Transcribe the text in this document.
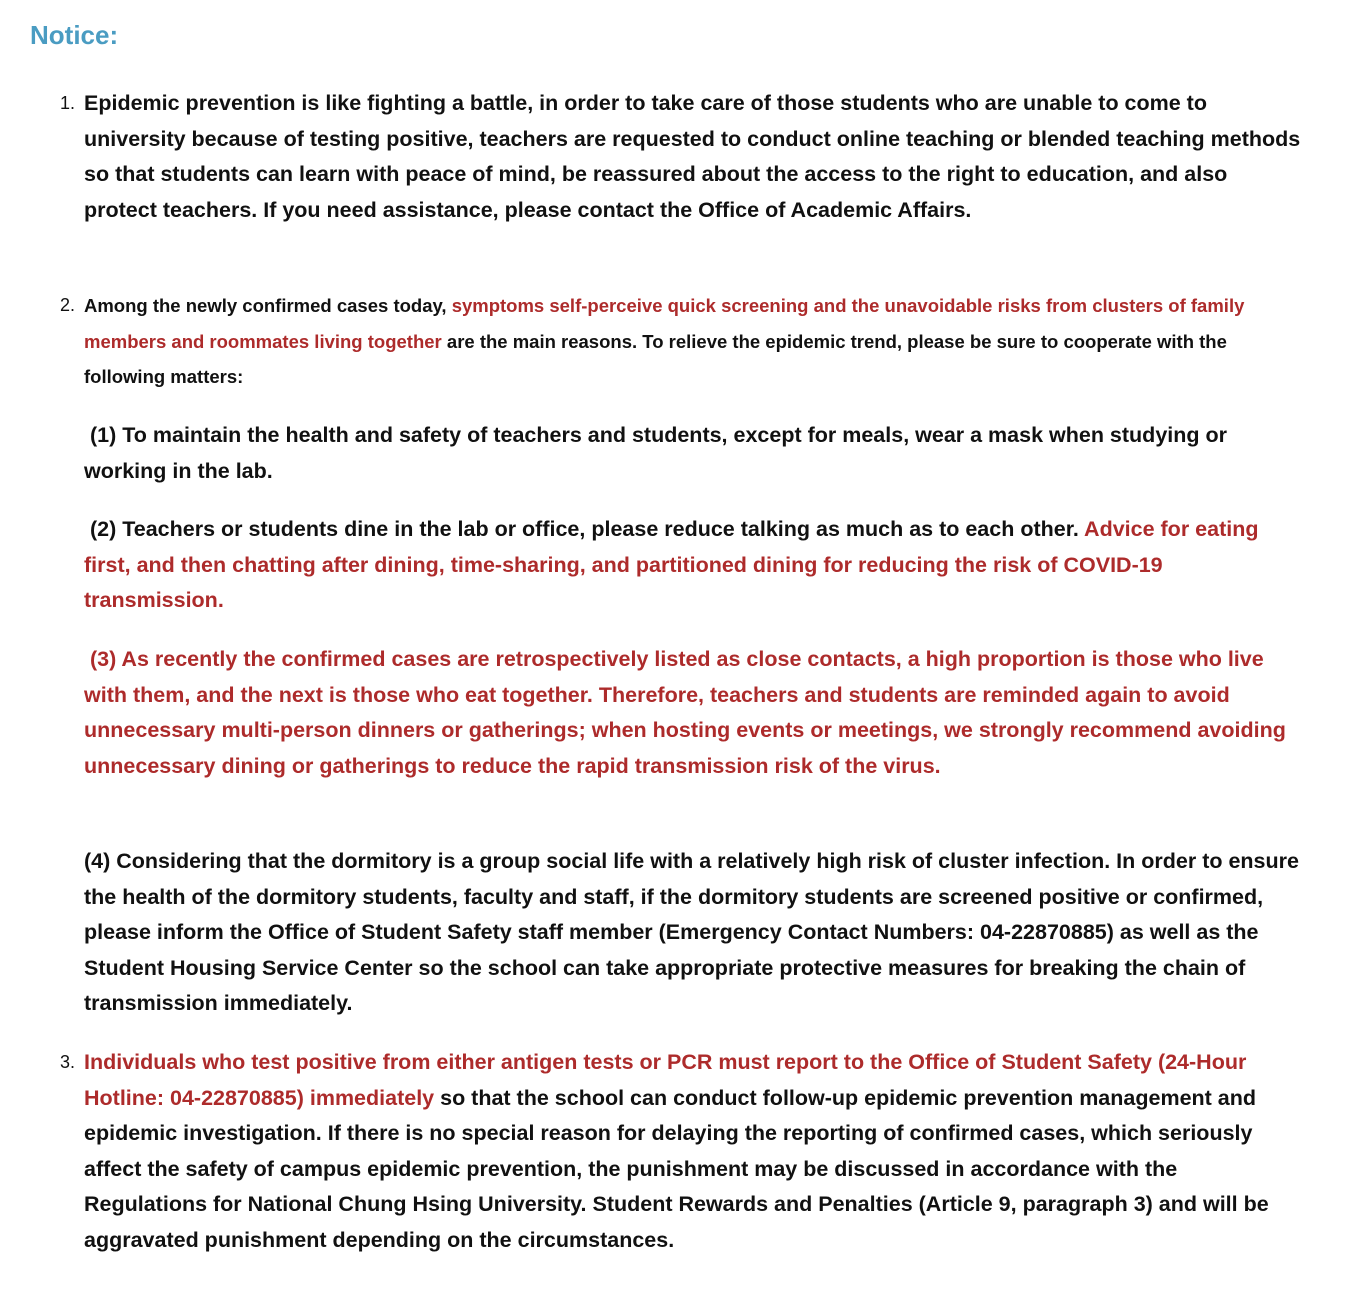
Notice:

1. Epidemic prevention is like fighting a battle, in order to take care of those students who are unable to come to university because of testing positive, teachers are requested to conduct online teaching or blended teaching methods so that students can learn with peace of mind, be reassured about the access to the right to education, and also protect teachers. If you need assistance, please contact the Office of Academic Affairs.

2. Among the newly confirmed cases today, symptoms self-perceive quick screening and the unavoidable risks from clusters of family members and roommates living together are the main reasons. To relieve the epidemic trend, please be sure to cooperate with the following matters:

(1) To maintain the health and safety of teachers and students, except for meals, wear a mask when studying or working in the lab.

(2) Teachers or students dine in the lab or office, please reduce talking as much as to each other. Advice for eating first, and then chatting after dining, time-sharing, and partitioned dining for reducing the risk of COVID-19 transmission.

(3) As recently the confirmed cases are retrospectively listed as close contacts, a high proportion is those who live with them, and the next is those who eat together. Therefore, teachers and students are reminded again to avoid unnecessary multi-person dinners or gatherings; when hosting events or meetings, we strongly recommend avoiding unnecessary dining or gatherings to reduce the rapid transmission risk of the virus.

(4) Considering that the dormitory is a group social life with a relatively high risk of cluster infection. In order to ensure the health of the dormitory students, faculty and staff, if the dormitory students are screened positive or confirmed, please inform the Office of Student Safety staff member (Emergency Contact Numbers: 04-22870885) as well as the Student Housing Service Center so the school can take appropriate protective measures for breaking the chain of transmission immediately.

3. Individuals who test positive from either antigen tests or PCR must report to the Office of Student Safety (24-Hour Hotline: 04-22870885) immediately so that the school can conduct follow-up epidemic prevention management and epidemic investigation. If there is no special reason for delaying the reporting of confirmed cases, which seriously affect the safety of campus epidemic prevention, the punishment may be discussed in accordance with the Regulations for National Chung Hsing University. Student Rewards and Penalties (Article 9, paragraph 3) and will be aggravated punishment depending on the circumstances.
